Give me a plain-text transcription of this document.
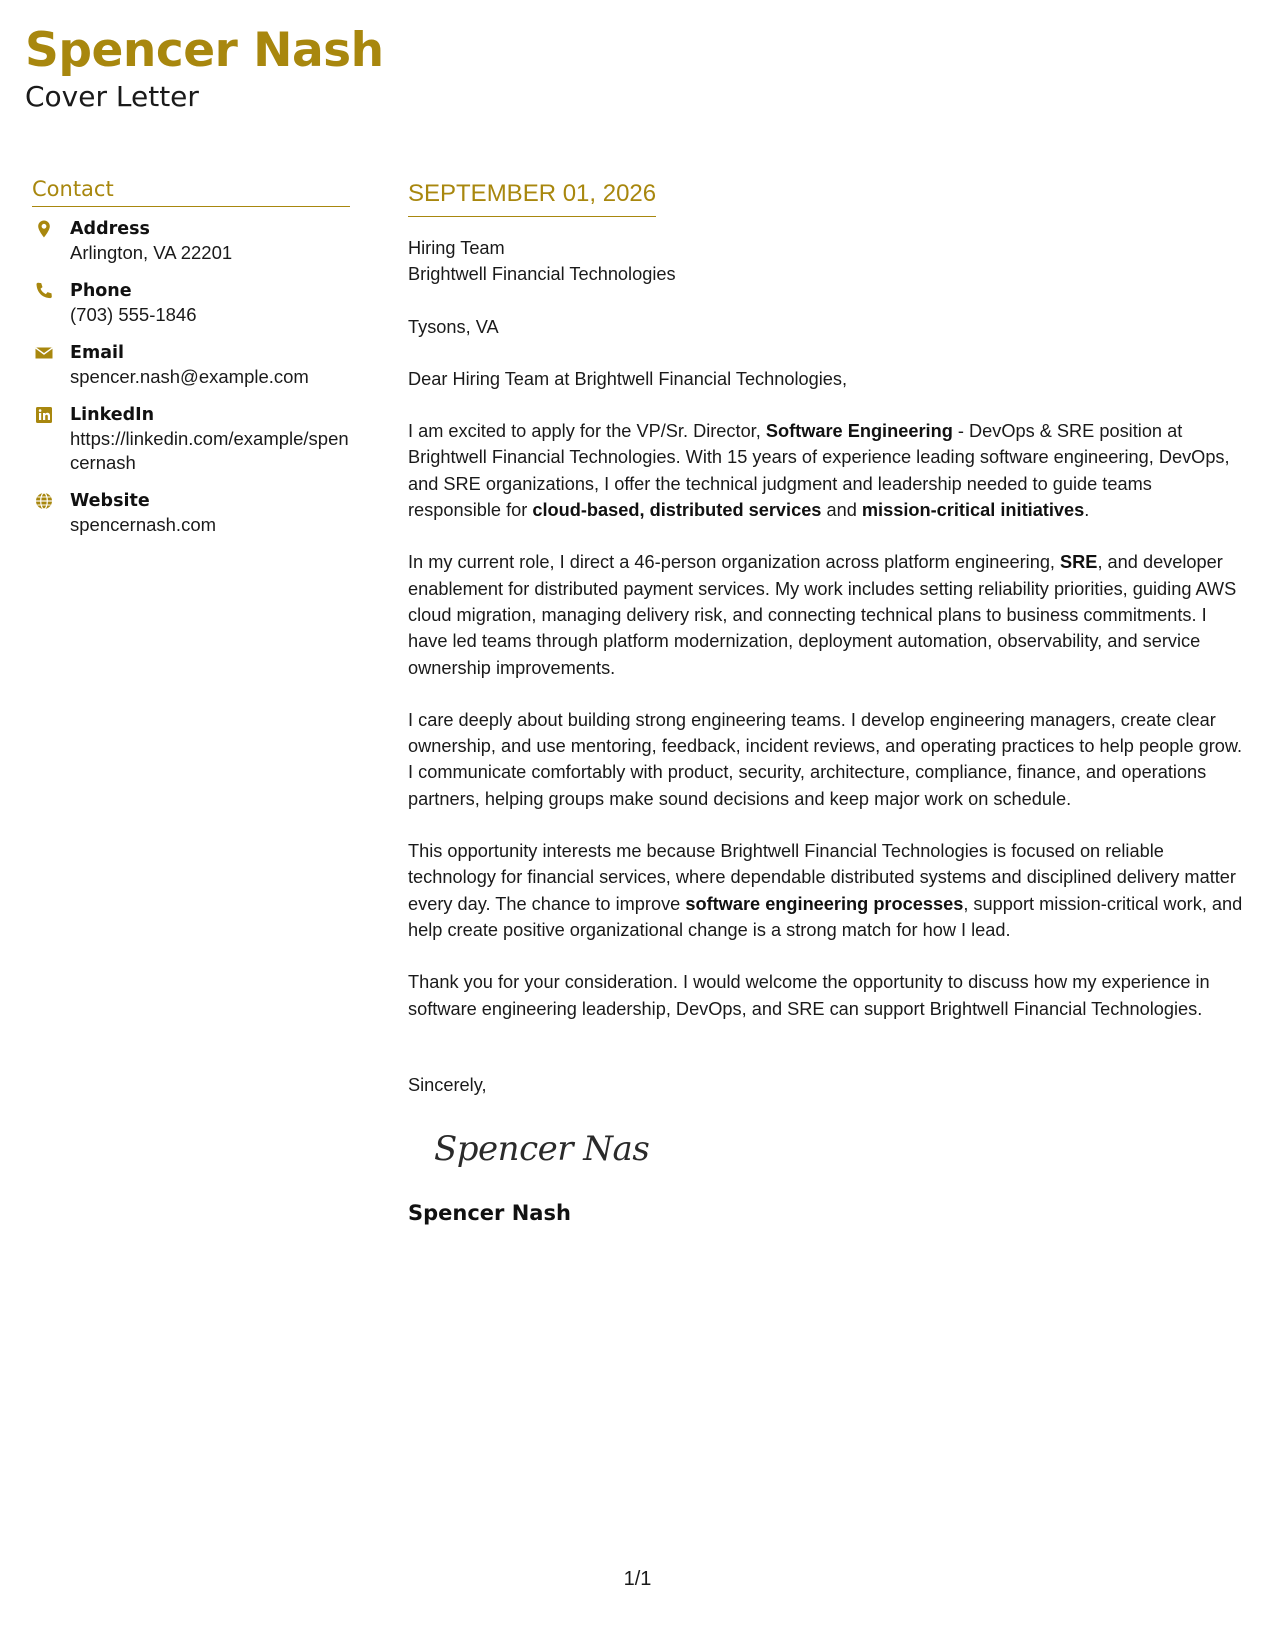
Spencer Nash
Cover Letter
Contact
Address
Arlington, VA 22201
Phone
(703) 555-1846
Email
spencer.nash@example.com
LinkedIn
https://linkedin.com/example/spencernash
Website
spencernash.com
SEPTEMBER 01, 2026
Hiring Team
Brightwell Financial Technologies
Tysons, VA
Dear Hiring Team at Brightwell Financial Technologies,

I am excited to apply for the VP/Sr. Director, Software Engineering - DevOps & SRE position at Brightwell Financial Technologies. With 15 years of experience leading software engineering, DevOps, and SRE organizations, I offer the technical judgment and leadership needed to guide teams responsible for cloud-based, distributed services and mission-critical initiatives.

In my current role, I direct a 46-person organization across platform engineering, SRE, and developer enablement for distributed payment services. My work includes setting reliability priorities, guiding AWS cloud migration, managing delivery risk, and connecting technical plans to business commitments. I have led teams through platform modernization, deployment automation, observability, and service ownership improvements.

I care deeply about building strong engineering teams. I develop engineering managers, create clear ownership, and use mentoring, feedback, incident reviews, and operating practices to help people grow. I communicate comfortably with product, security, architecture, compliance, finance, and operations partners, helping groups make sound decisions and keep major work on schedule.

This opportunity interests me because Brightwell Financial Technologies is focused on reliable technology for financial services, where dependable distributed systems and disciplined delivery matter every day. The chance to improve software engineering processes, support mission-critical work, and help create positive organizational change is a strong match for how I lead.

Thank you for your consideration. I would welcome the opportunity to discuss how my experience in software engineering leadership, DevOps, and SRE can support Brightwell Financial Technologies.

Sincerely,
Spencer Nash
Spencer Nash
1/1
